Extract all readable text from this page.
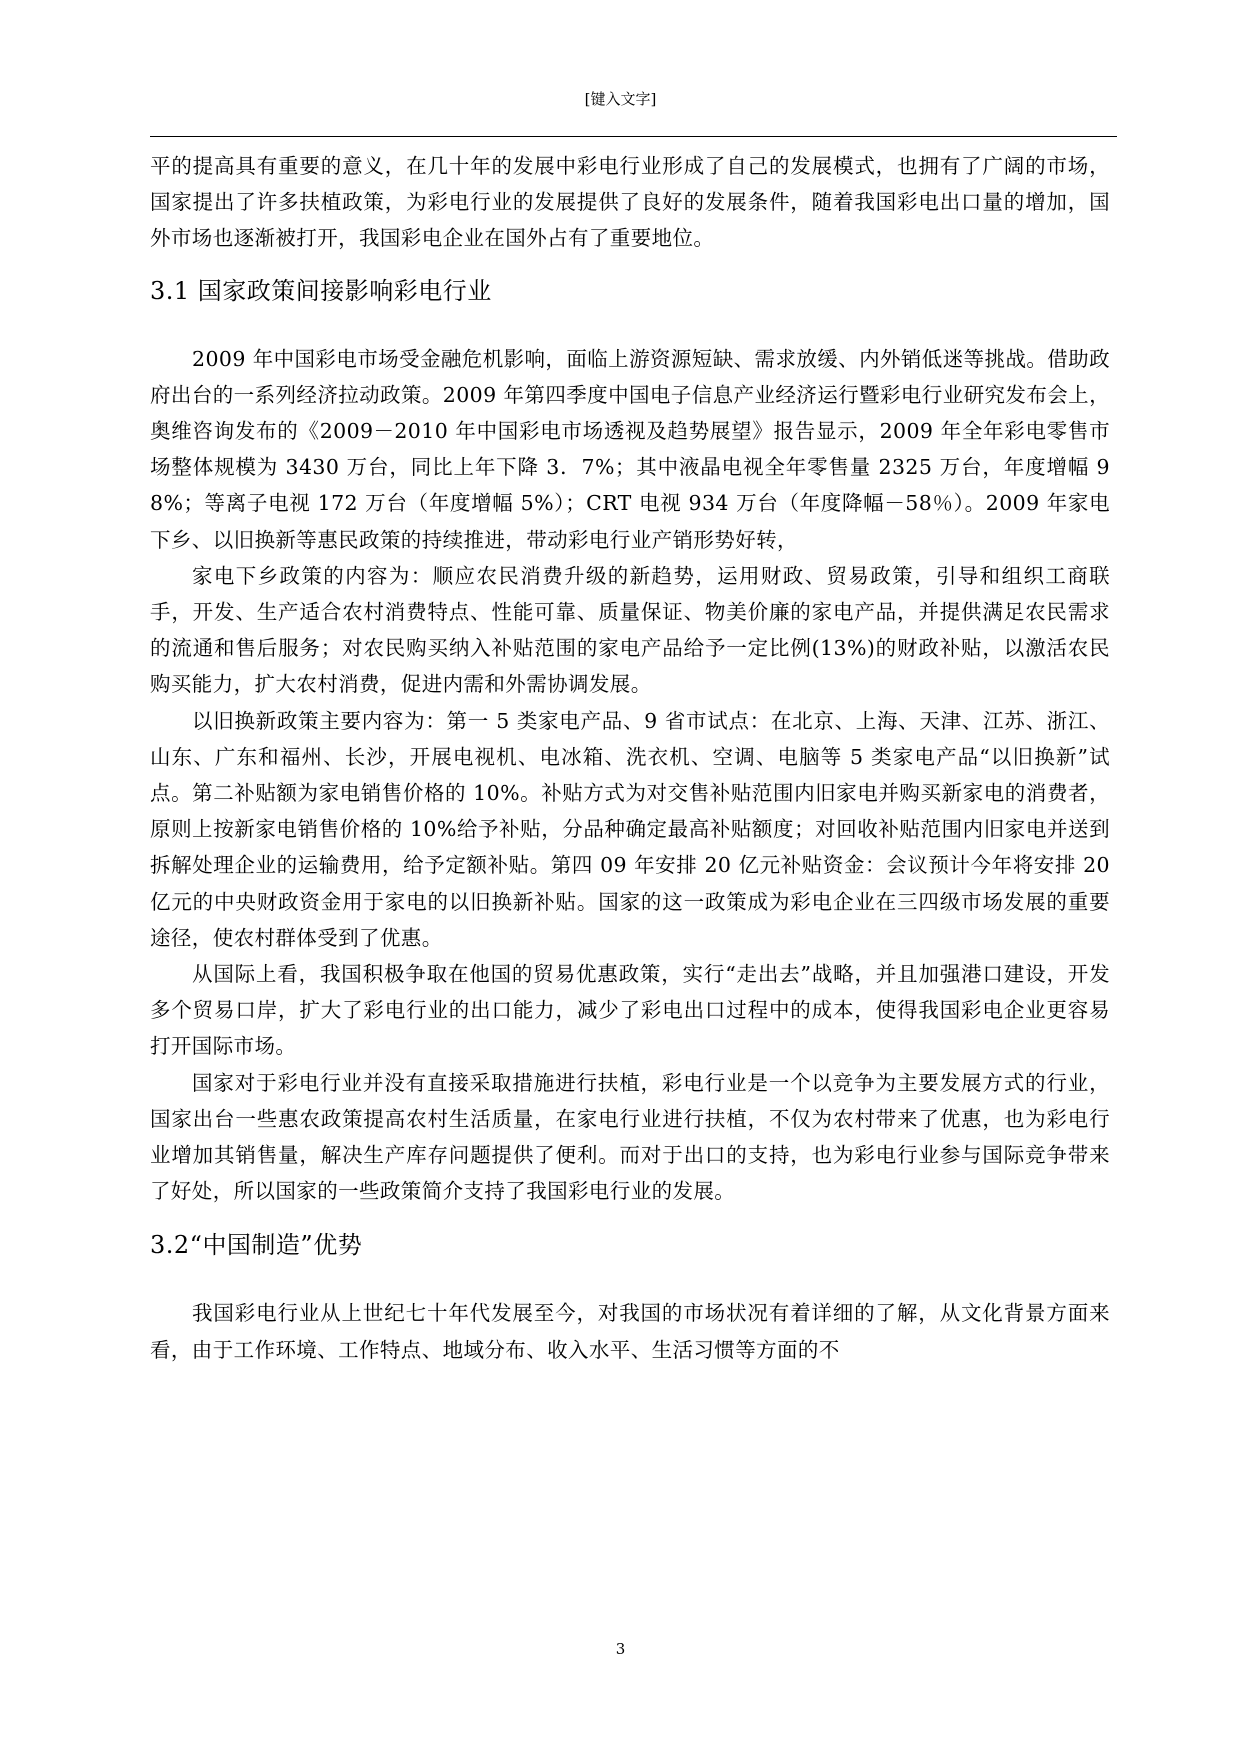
[键入文字]

平的提高具有重要的意义，在几十年的发展中彩电行业形成了自己的发展模式，也拥有了广阔的市场，国家提出了许多扶植政策，为彩电行业的发展提供了良好的发展条件，随着我国彩电出口量的增加，国外市场也逐渐被打开，我国彩电企业在国外占有了重要地位。

3.1 国家政策间接影响彩电行业

2009 年中国彩电市场受金融危机影响，面临上游资源短缺、需求放缓、内外销低迷等挑战。借助政府出台的一系列经济拉动政策。2009 年第四季度中国电子信息产业经济运行暨彩电行业研究发布会上，奥维咨询发布的《2009－2010 年中国彩电市场透视及趋势展望》报告显示，2009 年全年彩电零售市场整体规模为 3430 万台，同比上年下降 3．7%；其中液晶电视全年零售量 2325 万台，年度增幅 98%；等离子电视 172 万台（年度增幅 5%）；CRT 电视 934 万台（年度降幅－58％）。2009 年家电下乡、以旧换新等惠民政策的持续推进，带动彩电行业产销形势好转，

家电下乡政策的内容为：顺应农民消费升级的新趋势，运用财政、贸易政策，引导和组织工商联手，开发、生产适合农村消费特点、性能可靠、质量保证、物美价廉的家电产品，并提供满足农民需求的流通和售后服务；对农民购买纳入补贴范围的家电产品给予一定比例(13%)的财政补贴，以激活农民购买能力，扩大农村消费，促进内需和外需协调发展。

以旧换新政策主要内容为：第一 5 类家电产品、9 省市试点：在北京、上海、天津、江苏、浙江、山东、广东和福州、长沙，开展电视机、电冰箱、洗衣机、空调、电脑等 5 类家电产品“以旧换新”试点。第二补贴额为家电销售价格的 10%。补贴方式为对交售补贴范围内旧家电并购买新家电的消费者，原则上按新家电销售价格的 10%给予补贴，分品种确定最高补贴额度；对回收补贴范围内旧家电并送到拆解处理企业的运输费用，给予定额补贴。第四 09 年安排 20 亿元补贴资金：会议预计今年将安排 20 亿元的中央财政资金用于家电的以旧换新补贴。国家的这一政策成为彩电企业在三四级市场发展的重要途径，使农村群体受到了优惠。

从国际上看，我国积极争取在他国的贸易优惠政策，实行“走出去”战略，并且加强港口建设，开发多个贸易口岸，扩大了彩电行业的出口能力，减少了彩电出口过程中的成本，使得我国彩电企业更容易打开国际市场。

国家对于彩电行业并没有直接采取措施进行扶植，彩电行业是一个以竞争为主要发展方式的行业，国家出台一些惠农政策提高农村生活质量，在家电行业进行扶植，不仅为农村带来了优惠，也为彩电行业增加其销售量，解决生产库存问题提供了便利。而对于出口的支持，也为彩电行业参与国际竞争带来了好处，所以国家的一些政策简介支持了我国彩电行业的发展。

3.2“中国制造”优势

我国彩电行业从上世纪七十年代发展至今，对我国的市场状况有着详细的了解，从文化背景方面来看，由于工作环境、工作特点、地域分布、收入水平、生活习惯等方面的不

3
